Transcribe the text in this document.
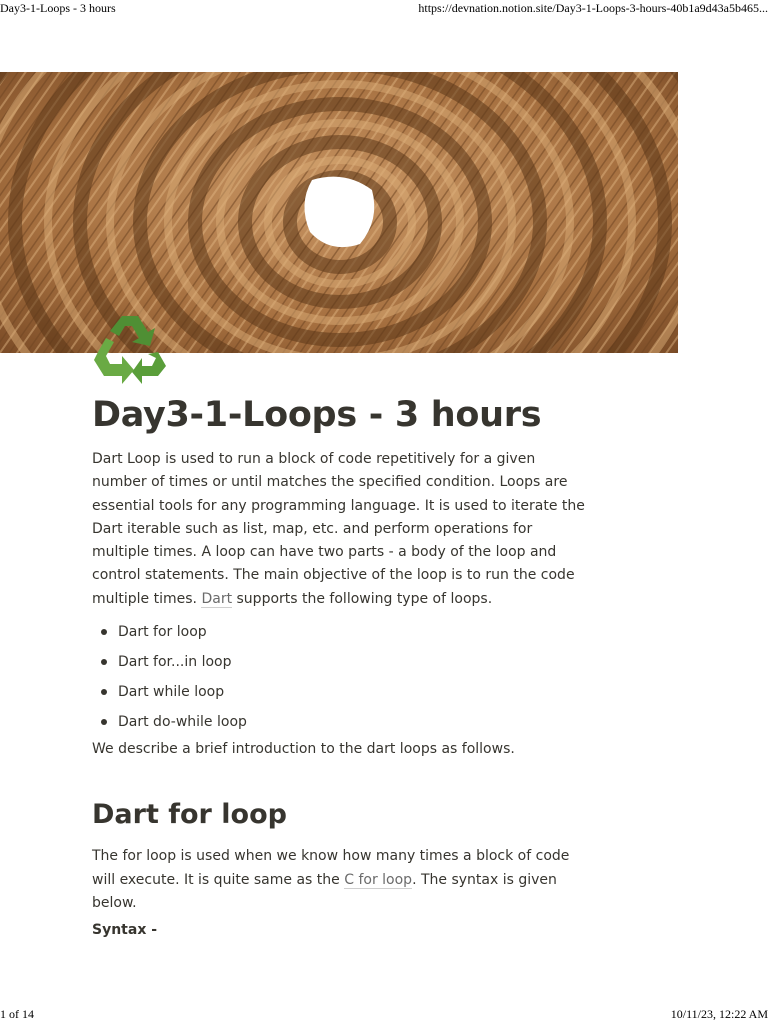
Day3-1-Loops - 3 hours	https://devnation.notion.site/Day3-1-Loops-3-hours-40b1a9d43a5b465...
Day3-1-Loops - 3 hours

Dart Loop is used to run a block of code repetitively for a given number of times or until matches the specified condition. Loops are essential tools for any programming language. It is used to iterate the Dart iterable such as list, map, etc. and perform operations for multiple times. A loop can have two parts - a body of the loop and control statements. The main objective of the loop is to run the code multiple times. Dart supports the following type of loops.

Dart for loop
Dart for...in loop
Dart while loop
Dart do-while loop

We describe a brief introduction to the dart loops as follows.

Dart for loop

The for loop is used when we know how many times a block of code will execute. It is quite same as the C for loop. The syntax is given below.

Syntax -

1 of 14	10/11/23, 12:22 AM
